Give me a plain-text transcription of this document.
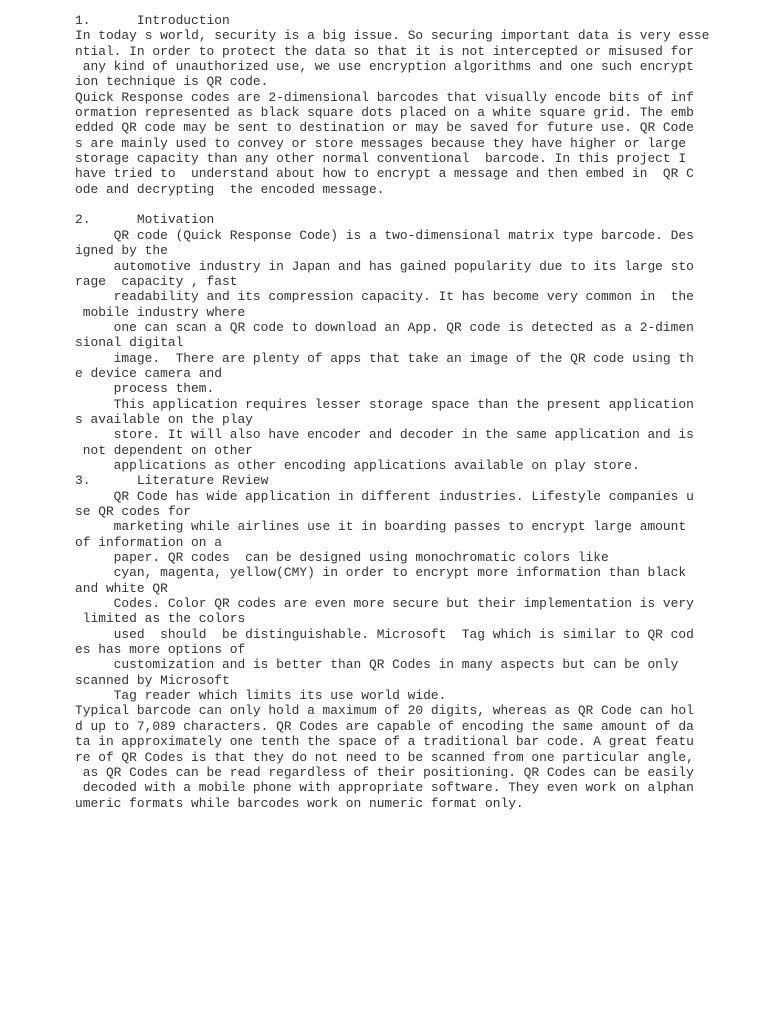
1.      Introduction
In todays world, security is a big issue. So securing important data is very esse
ntial. In order to protect the data so that it is not intercepted or misused for
any kind of unauthorized use, we use encryption algorithms and one such encrypt
ion technique is QR code.
Quick Response codes are 2-dimensional barcodes that visually encode bits of inf
ormation represented as black square dots placed on a white square grid. The emb
edded QR code may be sent to destination or may be saved for future use. QR Code
s are mainly used to convey or store messages because they have higher or large
storage capacity than any other normal conventional  barcode. In this project I
have tried to  understand about how to encrypt a message and then embed in  QR C
ode and decrypting  the encoded message.
2.      Motivation
QR code (Quick Response Code) is a two-dimensional matrix type barcode. Des
igned by the
automotive industry in Japan and has gained popularity due to its large sto
rage  capacity , fast
readability and its compression capacity. It has become very common in  the
mobile industry where
one can scan a QR code to download an App. QR code is detected as a 2-dimen
sional digital
image.  There are plenty of apps that take an image of the QR code using th
e device camera and
process them.
This application requires lesser storage space than the present application
s available on the play
store. It will also have encoder and decoder in the same application and is
not dependent on other
applications as other encoding applications available on play store.
3.      Literature Review
QR Code has wide application in different industries. Lifestyle companies u
se QR codes for
marketing while airlines use it in boarding passes to encrypt large amount
of information on a
paper. QR codes  can be designed using monochromatic colors like
cyan, magenta, yellow(CMY) in order to encrypt more information than black
and white QR
Codes. Color QR codes are even more secure but their implementation is very
limited as the colors
used  should  be distinguishable. Microsoft  Tag which is similar to QR cod
es has more options of
customization and is better than QR Codes in many aspects but can be only
scanned by Microsoft
Tag reader which limits its use world wide.
Typical barcode can only hold a maximum of 20 digits, whereas as QR Code can hol
d up to 7,089 characters. QR Codes are capable of encoding the same amount of da
ta in approximately one tenth the space of a traditional bar code. A great featu
re of QR Codes is that they do not need to be scanned from one particular angle,
as QR Codes can be read regardless of their positioning. QR Codes can be easily
decoded with a mobile phone with appropriate software. They even work on alphan
umeric formats while barcodes work on numeric format only.
